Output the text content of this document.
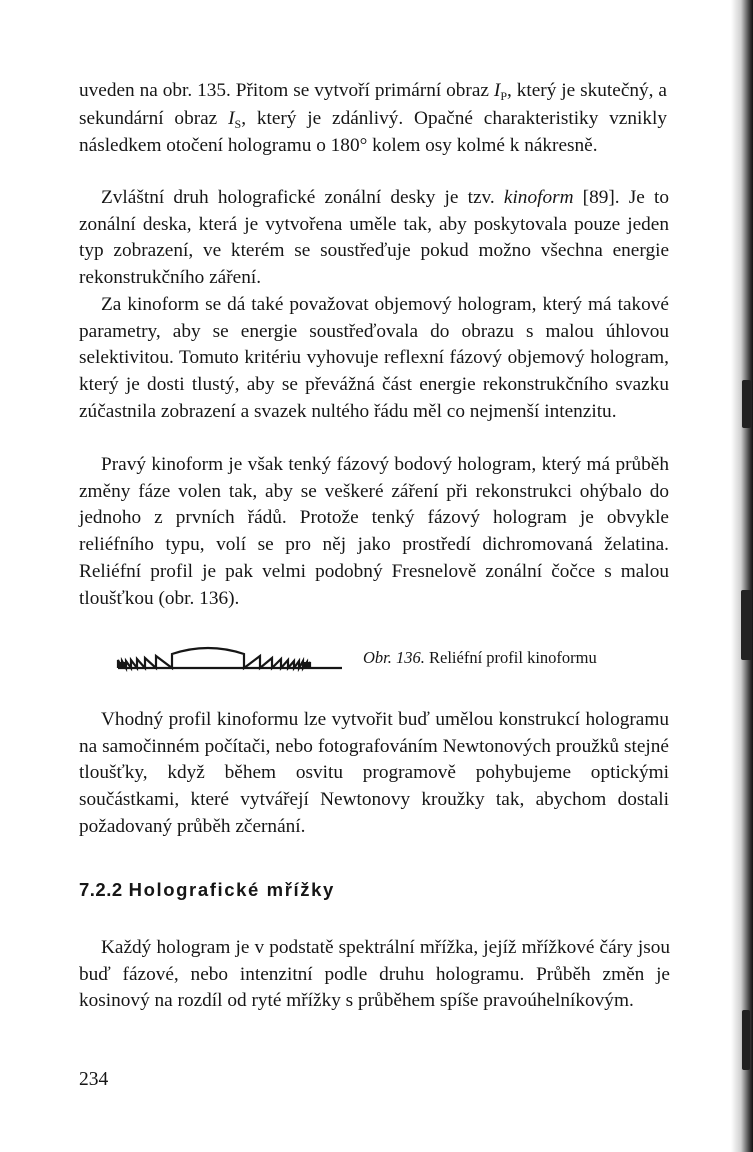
uveden na obr. 135. Přitom se vytvoří primární obraz $I_P$, který je skutečný, a sekundární obraz $I_S$, který je zdánlivý. Opačné charakteristiky vznikly následkem otočení hologramu o 180° kolem osy kolmé k nákresně.

Zvláštní druh holografické zonální desky je tzv. kinoform [89]. Je to zonální deska, která je vytvořena uměle tak, aby poskytovala pouze jeden typ zobrazení, ve kterém se soustřeďuje pokud možno všechna energie rekonstrukčního záření.

Za kinoform se dá také považovat objemový hologram, který má takové parametry, aby se energie soustřeďovala do obrazu s malou úhlovou selektivitou. Tomuto kritériu vyhovuje reflexní fázový objemový hologram, který je dosti tlustý, aby se převážná část energie rekonstrukčního svazku zúčastnila zobrazení a svazek nultého řádu měl co nejmenší intenzitu.

Pravý kinoform je však tenký fázový bodový hologram, který má průběh změny fáze volen tak, aby se veškeré záření při rekonstrukci ohýbalo do jednoho z prvních řádů. Protože tenký fázový hologram je obvykle reliéfního typu, volí se pro něj jako prostředí dichromovaná želatina. Reliéfní profil je pak velmi podobný Fresnelově zonální čočce s malou tloušťkou (obr. 136).

Obr. 136. Reliéfní profil kinoformu

Vhodný profil kinoformu lze vytvořit buď umělou konstrukcí hologramu na samočinném počítači, nebo fotografováním Newtonových proužků stejné tloušťky, když během osvitu programově pohybujeme optickými součástkami, které vytvářejí Newtonovy kroužky tak, abychom dostali požadovaný průběh zčernání.

7.2.2 Holografické mřížky

Každý hologram je v podstatě spektrální mřížka, jejíž mřížkové čáry jsou buď fázové, nebo intenzitní podle druhu hologramu. Průběh změn je kosinový na rozdíl od ryté mřížky s průběhem spíše pravoúhelníkovým.

234
